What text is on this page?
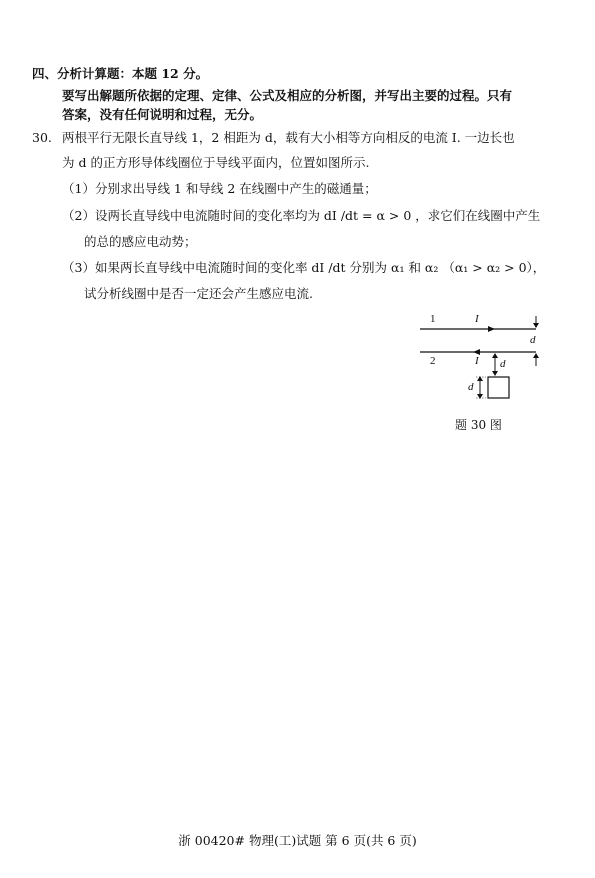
四、分析计算题：本题 12 分。
要写出解题所依据的定理、定律、公式及相应的分析图，并写出主要的过程。只有
答案，没有任何说明和过程，无分。
30. 两根平行无限长直导线 1，2 相距为 d，载有大小相等方向相反的电流 I. 一边长也
为 d 的正方形导体线圈位于导线平面内，位置如图所示.
（1）分别求出导线 1 和导线 2 在线圈中产生的磁通量；
（2）设两长直导线中电流随时间的变化率均为 dI /dt = α > 0 ，求它们在线圈中产生
的总的感应电动势；
（3）如果两长直导线中电流随时间的变化率 dI /dt 分别为 α₁ 和 α₂ （α₁ > α₂ > 0），
试分析线圈中是否一定还会产生感应电流.
1	I
2	I
d
d
d
题 30 图
浙 00420# 物理(工)试题 第 6 页(共 6 页)
